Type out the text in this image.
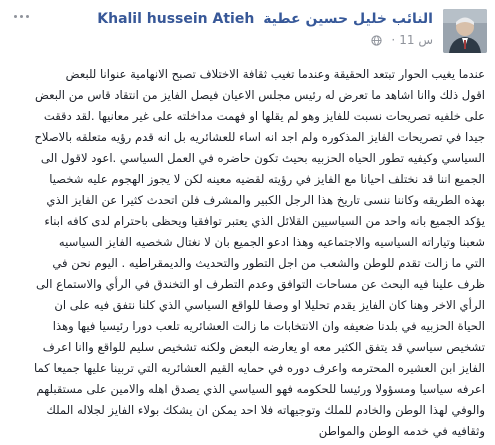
Khalil hussein Atieh النائب خليل حسين عطية
· 11 س
عندما يغيب الحوار تبتعد الحقيقة وعندما تغيب ثقافة الاختلاف تصبح الانهامية عنوانا للبعض
اقول ذلك واانا اشاهد ما تعرض له رئيس مجلس الاعيان فيصل الفايز من انتقاد قاس من البعض
على خلفيه تصريحات نسبت للفايز وهو لم يقلها او فهمت مداخلته على غير معانيها .لقد دققت
جيدا في تصريحات الفايز المذكوره ولم اجد انه اساء للعشائريه بل انه قدم رؤيه متعلقه بالاصلاح
السياسي وكيفيه تطور الحياه الحزبيه بحيث تكون حاضره في العمل السياسي .اعود لاقول الى
الجميع اننا قد نختلف احيانا مع الفايز في رؤيته لقضيه معينه لكن لا يجوز الهجوم عليه شخصيا
بهذه الطريقه وكاننا ننسى تاريخ هذا الرجل الكبير والمشرف فلن اتحدث كثيرا عن الفايز الذي
يؤكد الجميع بانه واحد من السياسيين القلائل الذي يعتبر توافقيا ويحظى باحترام لدى كافه ابناء
شعبنا وتياراته السياسيه والاجتماعيه وهذا ادعو الجميع بان لا نغتال شخصيه الفايز السياسيه
التي ما زالت تقدم للوطن والشعب من اجل التطور والتحديث والديمقراطيه . اليوم نحن في
ظرف علينا فيه البحث عن مساحات التوافق وعدم التطرف او التخندق في الرأي والاستماع الى
الرأي الاخر وهنا كان الفايز يقدم تحليلا او وصفا للواقع السياسي الذي كلنا نتفق فيه على ان
الحياة الحزبيه في بلدنا ضعيفه وان الانتخابات ما زالت العشائريه تلعب دورا رئيسيا فيها وهذا
تشخيص سياسي قد يتفق الكثير معه او يعارضه البعض ولكنه تشخيص سليم للواقع واانا اعرف
الفايز ابن العشيره المحترمه واعرف دوره في حمايه القيم العشائريه التي تربينا عليها جميعا كما
اعرفه سياسيا ومسؤولا ورئيسا للحكومه فهو السياسي الذي يصدق اهله والامين على مستقبلهم
والوفي لهذا الوطن والخادم للملك وتوجيهاته فلا احد يمكن ان يشكك بولاء الفايز لجلاله الملك
وثقافيه في خدمه الوطن والمواطن
